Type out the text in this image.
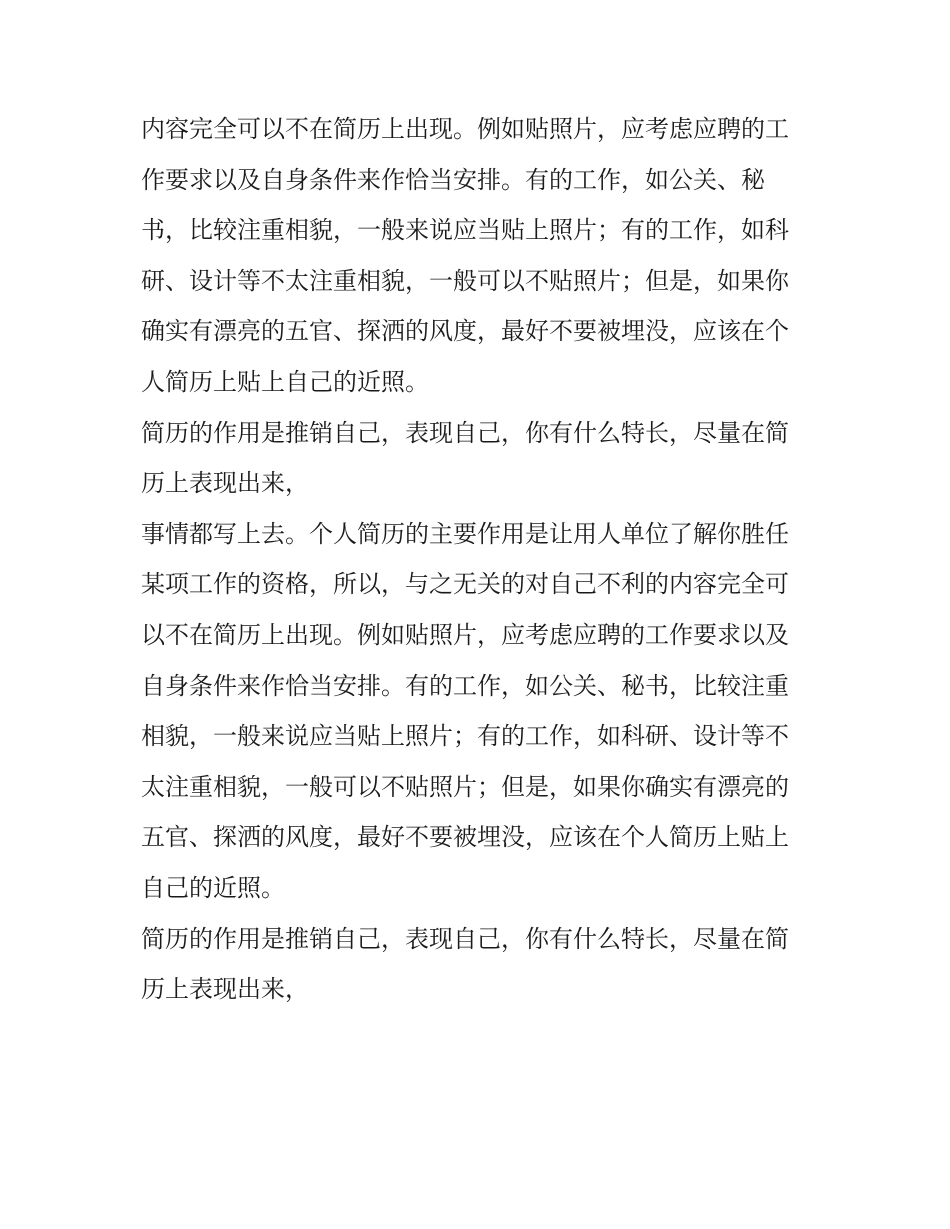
内容完全可以不在简历上出现。例如贴照片，应考虑应聘的工
作要求以及自身条件来作恰当安排。有的工作，如公关、秘
书，比较注重相貌，一般来说应当贴上照片；有的工作，如科
研、设计等不太注重相貌，一般可以不贴照片；但是，如果你
确实有漂亮的五官、探洒的风度，最好不要被埋没，应该在个
人简历上贴上自己的近照。
简历的作用是推销自己，表现自己，你有什么特长，尽量在简
历上表现出来，
事情都写上去。个人简历的主要作用是让用人单位了解你胜任
某项工作的资格，所以，与之无关的对自己不利的内容完全可
以不在简历上出现。例如贴照片，应考虑应聘的工作要求以及
自身条件来作恰当安排。有的工作，如公关、秘书，比较注重
相貌，一般来说应当贴上照片；有的工作，如科研、设计等不
太注重相貌，一般可以不贴照片；但是，如果你确实有漂亮的
五官、探洒的风度，最好不要被埋没，应该在个人简历上贴上
自己的近照。
简历的作用是推销自己，表现自己，你有什么特长，尽量在简
历上表现出来，
